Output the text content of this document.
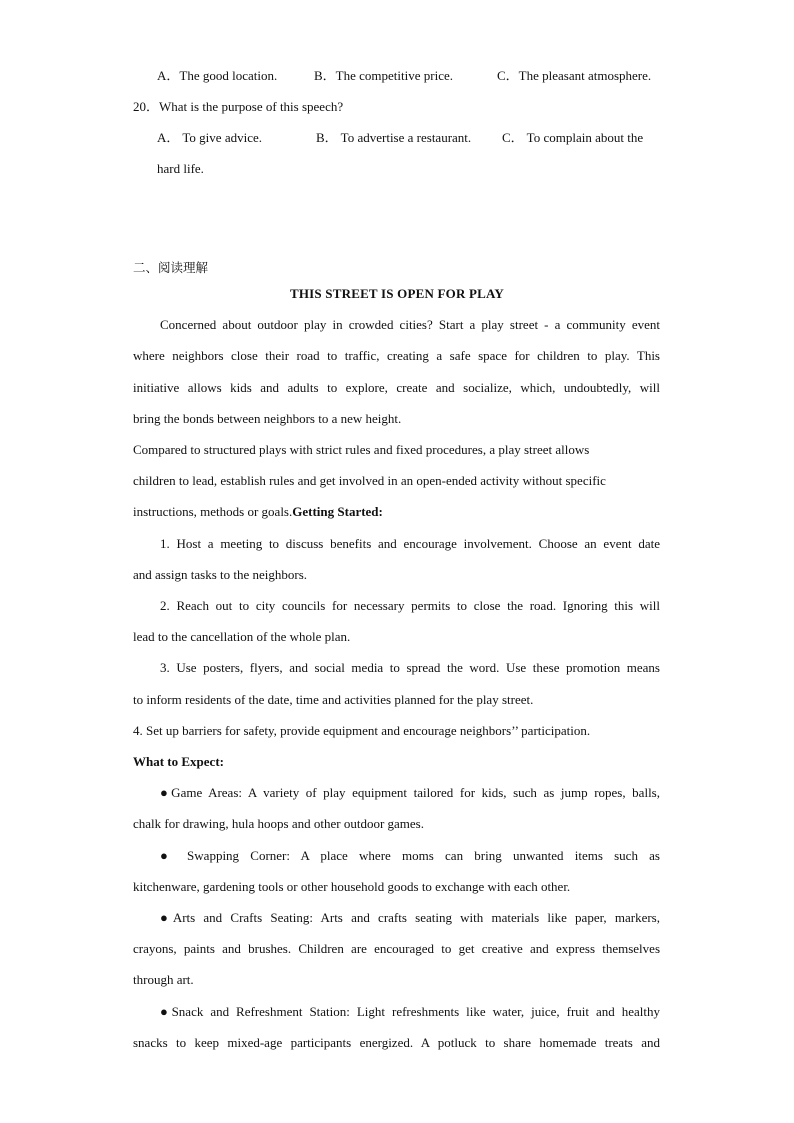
A．The good location.	B．The competitive price.	C．The pleasant atmosphere.
20．What is the purpose of this speech?
A． To give advice.	B． To advertise a restaurant. C． To complain about the
hard life.
二、阅读理解
THIS STREET IS OPEN FOR PLAY
Concerned about outdoor play in crowded cities? Start a play street - a community event
where neighbors close their road to traffic, creating a safe space for children to play. This
initiative allows kids and adults to explore, create and socialize, which, undoubtedly, will
bring the bonds between neighbors to a new height.
Compared to structured plays with strict rules and fixed procedures, a play street allows
children to lead, establish rules and get involved in an open-ended activity without specific
instructions, methods or goals.Getting Started:
1. Host a meeting to discuss benefits and encourage involvement. Choose an event date
and assign tasks to the neighbors.
2. Reach out to city councils for necessary permits to close the road. Ignoring this will
lead to the cancellation of the whole plan.
3. Use posters, flyers, and social media to spread the word. Use these promotion means
to inform residents of the date, time and activities planned for the play street.
4. Set up barriers for safety, provide equipment and encourage neighbors’’ participation.
What to Expect:
●Game Areas: A variety of play equipment tailored for kids, such as jump ropes, balls,
chalk for drawing, hula hoops and other outdoor games.
● Swapping Corner: A place where moms can bring unwanted items such as
kitchenware, gardening tools or other household goods to exchange with each other.
●Arts and Crafts Seating: Arts and crafts seating with materials like paper, markers,
crayons, paints and brushes. Children are encouraged to get creative and express themselves
through art.
●Snack and Refreshment Station: Light refreshments like water, juice, fruit and healthy
snacks to keep mixed-age participants energized. A potluck to share homemade treats and
